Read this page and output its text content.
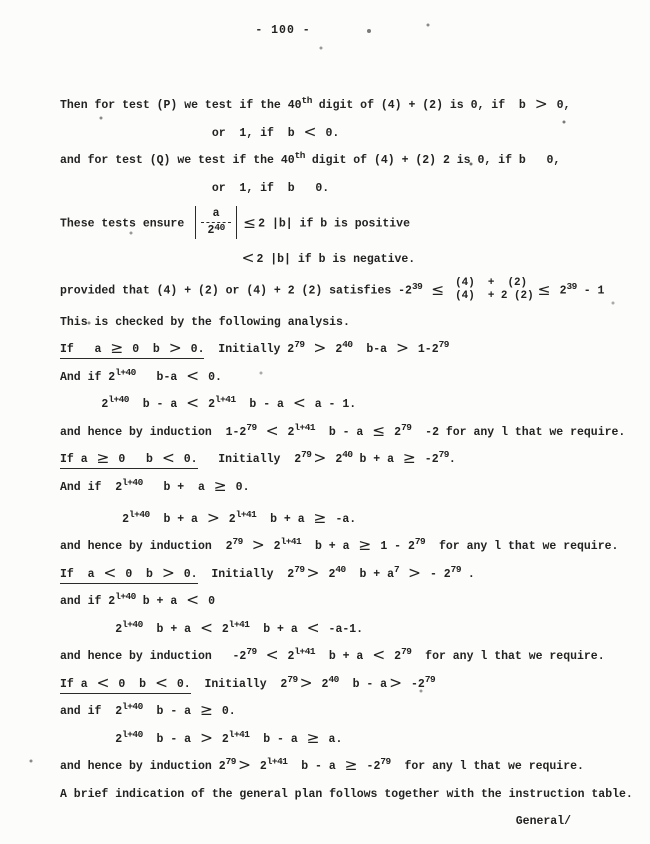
- 100 -
Then for test (P) we test if the 40th digit of (4) + (2) is 0, if  b > 0,
or  1, if  b < 0.
and for test (Q) we test if the 40th digit of (4) + (2) 2 is 0, if b   0,
or  1, if  b   0.
These tests ensure $\frac{a}{2^{40}} \le 2$ |b| if b is positive
< 2 |b| if b is negative.
provided that (4) + (2) or (4) + 2 (2) satisfies $-2^{39} \le (4) + (2)$
(4)  + 2 $(2) \le 2^{39} - 1$
This is checked by the following analysis.
If   a ≥ 0  b > 0.  Initially $2^{79} > 2^{40}$  $b-a > 1-2^{79}$
And if $2^{l+40}$   b-a < 0.
$2^{l+40}$  $b - a < 2^{l+41}$  b - a < a - 1.
and hence by induction  $1-2^{79} < 2^{l+41}$  $b - a \le 2^{79}$  -2 for any l that we require.
If a ≥ 0   b < 0.   Initially  $2^{79} > 2^{40}$ $b + a \ge -2^{79}$.
And if  $2^{l+40}$   b +  a ≥ 0.
$2^{l+40}$  $b + a > 2^{l+41}$  b + a ≥ -a.
and hence by induction  $2^{79} > 2^{l+41}$  $b + a \ge 1 - 2^{79}$  for any l that we require.
If  a < 0  b > 0.  Initially  $2^{79} > 2^{40}$  $b + a^7$ > - $2^{79}$ .
and if $2^{l+40}$ b + a < 0
$2^{l+40}$  $b + a < 2^{l+41}$  b + a < -a-1.
and hence by induction   $-2^{79} < 2^{l+41}$  $b + a < 2^{79}$  for any l that we require.
If a < 0  b < 0.  Initially  $2^{79} > 2^{40}$  $b - a > -2^{79}$
and if  $2^{l+40}$  b - a ≥ 0.
$2^{l+40}$  $b - a > 2^{l+41}$  b - a ≥ a.
and hence by induction $2^{79} > 2^{l+41}$  $b - a \ge -2^{79}$  for any l that we require.
A brief indication of the general plan follows together with the instruction table.
General/
